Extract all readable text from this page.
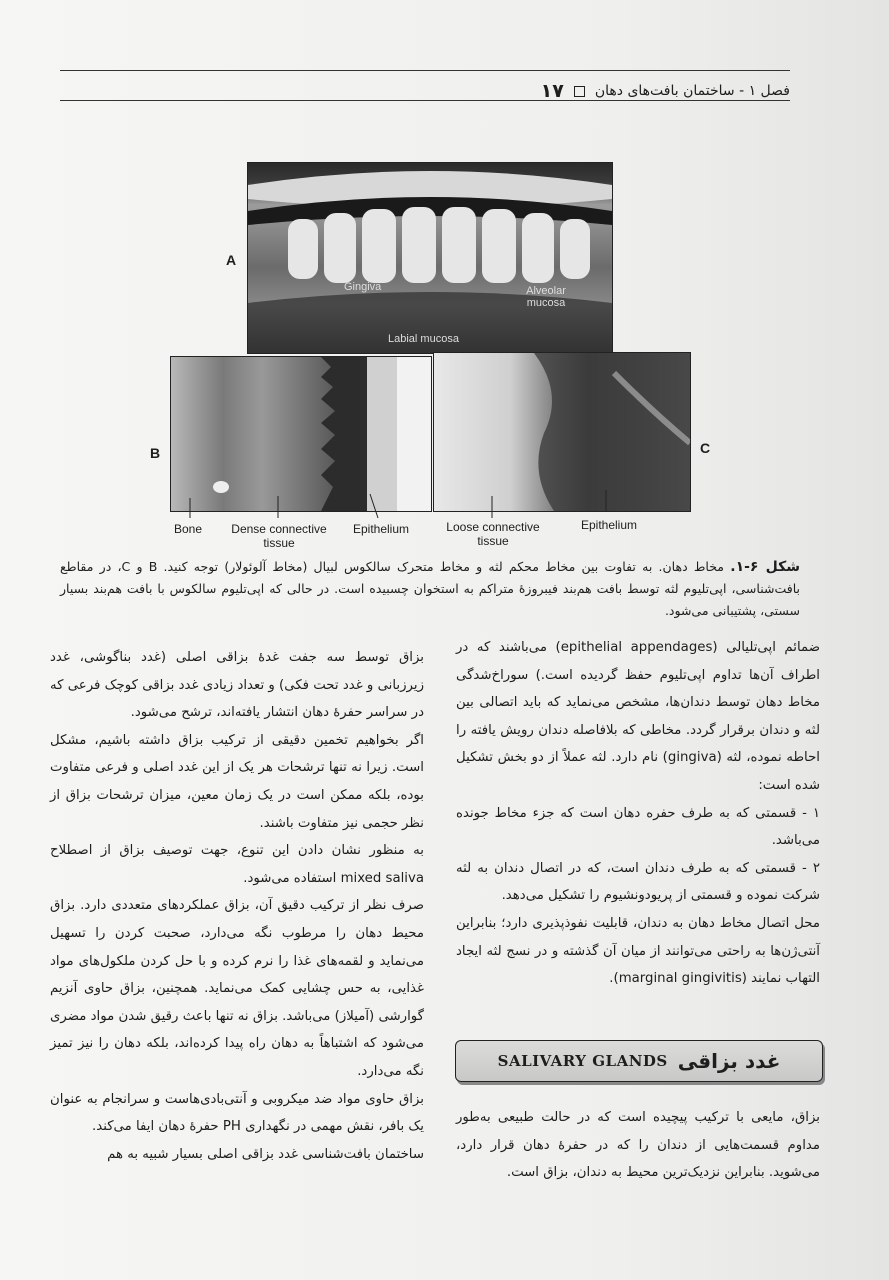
فصل ۱ - ساختمان بافت‌های دهان
۱۷
Gingiva	Alveolar mucosa
Labial mucosa
A
B	C
Bone	Dense connective tissue
Epithelium	Loose connective tissue
Epithelium
شکل ۶-۱. مخاط دهان. به تفاوت بین مخاط محکم لثه و مخاط متحرک سالکوس لبیال (مخاط آلوئولار) توجه کنید. B و C، در مقاطع بافت‌شناسی، اپی‌تلیوم لثه توسط بافت هم‌بند فیبروزهٔ متراکم به استخوان چسبیده است. در حالی که اپی‌تلیوم سالکوس با بافت هم‌بند بسیار سستی، پشتیبانی می‌شود.

ضمائم اپی‌تلیالی (epithelial appendages) می‌باشند که در اطراف آن‌ها تداوم اپی‌تلیوم حفظ گردیده است.) سوراخ‌شدگی مخاط دهان توسط دندان‌ها، مشخص می‌نماید که باید اتصالی بین لثه و دندان برقرار گردد. مخاطی که بلافاصله دندان رویش یافته را احاطه نموده، لثه (gingiva) نام دارد. لثه عملاً از دو بخش تشکیل شده است:

۱ - قسمتی که به طرف حفره دهان است که جزء مخاط جونده می‌باشد.

۲ - قسمتی که به طرف دندان است، که در اتصال دندان به لثه شرکت نموده و قسمتی از پریودونشیوم را تشکیل می‌دهد.

محل اتصال مخاط دهان به دندان، قابلیت نفوذپذیری دارد؛ بنابراین آنتی‌ژن‌ها به راحتی می‌توانند از میان آن گذشته و در نسج لثه ایجاد التهاب نمایند (marginal gingivitis).

SALIVARY GLANDS غدد بزاقی

بزاق، مایعی با ترکیب پیچیده است که در حالت طبیعی به‌طور مداوم قسمت‌هایی از دندان را که در حفرهٔ دهان قرار دارد، می‌شوید. بنابراین نزدیک‌ترین محیط به دندان، بزاق است.

بزاق توسط سه جفت غدهٔ بزاقی اصلی (غدد بناگوشی، غدد زیرزبانی و غدد تحت فکی) و تعداد زیادی غدد بزاقی کوچک فرعی که در سراسر حفرهٔ دهان انتشار یافته‌اند، ترشح می‌شود.

اگر بخواهیم تخمین دقیقی از ترکیب بزاق داشته باشیم، مشکل است. زیرا نه تنها ترشحات هر یک از این غدد اصلی و فرعی متفاوت بوده، بلکه ممکن است در یک زمان معین، میزان ترشحات بزاق از نظر حجمی نیز متفاوت باشند.

به منظور نشان دادن این تنوع، جهت توصیف بزاق از اصطلاح mixed saliva استفاده می‌شود.

صرف نظر از ترکیب دقیق آن، بزاق عملکردهای متعددی دارد. بزاق محیط دهان را مرطوب نگه می‌دارد، صحبت کردن را تسهیل می‌نماید و لقمه‌های غذا را نرم کرده و با حل کردن ملکول‌های مواد غذایی، به حس چشایی کمک می‌نماید. همچنین، بزاق حاوی آنزیم گوارشی (آمیلاز) می‌باشد. بزاق نه تنها باعث رقیق شدن مواد مضری می‌شود که اشتباهاً به دهان راه پیدا کرده‌اند، بلکه دهان را نیز تمیز نگه می‌دارد.

بزاق حاوی مواد ضد میکروبی و آنتی‌بادی‌هاست و سرانجام به عنوان یک بافر، نقش مهمی در نگهداری PH حفرهٔ دهان ایفا می‌کند.

ساختمان بافت‌شناسی غدد بزاقی اصلی بسیار شبیه به هم
